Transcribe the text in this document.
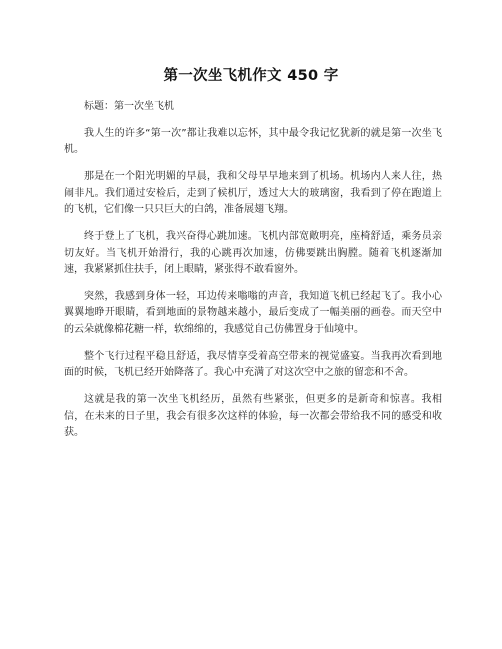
第一次坐飞机作文 450 字

标题：第一次坐飞机

我人生的许多“第一次”都让我难以忘怀，其中最令我记忆犹新的就是第一次坐飞机。

那是在一个阳光明媚的早晨，我和父母早早地来到了机场。机场内人来人往，热闹非凡。我们通过安检后，走到了候机厅，透过大大的玻璃窗，我看到了停在跑道上的飞机，它们像一只只巨大的白鸽，准备展翅飞翔。

终于登上了飞机，我兴奋得心跳加速。飞机内部宽敞明亮，座椅舒适，乘务员亲切友好。当飞机开始滑行，我的心跳再次加速，仿佛要跳出胸膛。随着飞机逐渐加速，我紧紧抓住扶手，闭上眼睛，紧张得不敢看窗外。

突然，我感到身体一轻，耳边传来嗡嗡的声音，我知道飞机已经起飞了。我小心翼翼地睁开眼睛，看到地面的景物越来越小，最后变成了一幅美丽的画卷。而天空中的云朵就像棉花糖一样，软绵绵的，我感觉自己仿佛置身于仙境中。

整个飞行过程平稳且舒适，我尽情享受着高空带来的视觉盛宴。当我再次看到地面的时候，飞机已经开始降落了。我心中充满了对这次空中之旅的留恋和不舍。

这就是我的第一次坐飞机经历，虽然有些紧张，但更多的是新奇和惊喜。我相信，在未来的日子里，我会有很多次这样的体验，每一次都会带给我不同的感受和收获。
